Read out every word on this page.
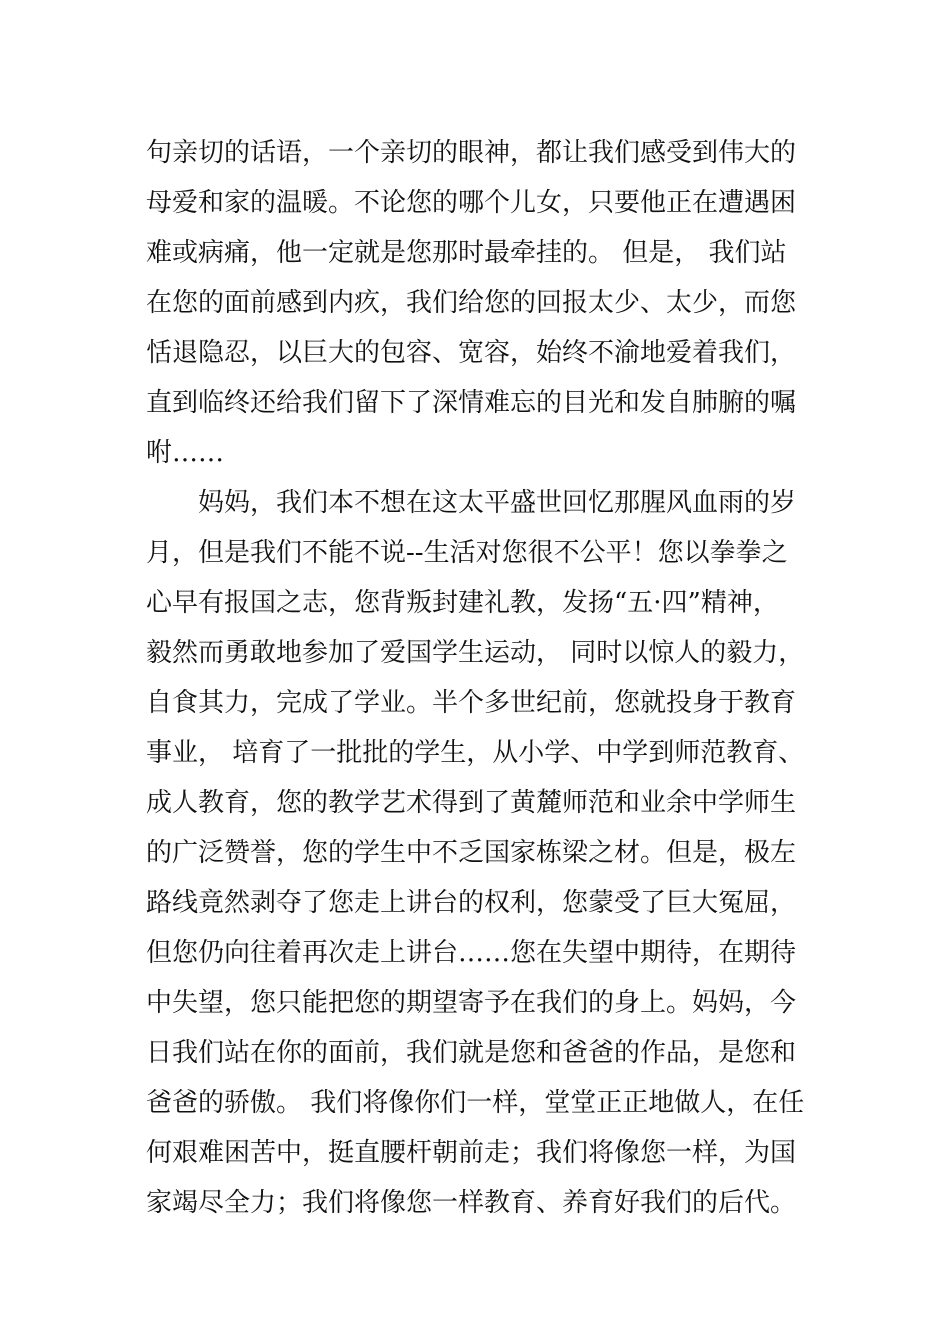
句亲切的话语，一个亲切的眼神，都让我们感受到伟大的
母爱和家的温暖。不论您的哪个儿女，只要他正在遭遇困
难或病痛，他一定就是您那时最牵挂的。 但是， 我们站
在您的面前感到内疚，我们给您的回报太少、太少，而您
恬退隐忍，以巨大的包容、宽容，始终不渝地爱着我们，
直到临终还给我们留下了深情难忘的目光和发自肺腑的嘱
咐……
妈妈，我们本不想在这太平盛世回忆那腥风血雨的岁
月，但是我们不能不说--生活对您很不公平！您以拳拳之
心早有报国之志，您背叛封建礼教，发扬“五·四”精神，
毅然而勇敢地参加了爱国学生运动， 同时以惊人的毅力，
自食其力，完成了学业。半个多世纪前，您就投身于教育
事业， 培育了一批批的学生，从小学、中学到师范教育、
成人教育，您的教学艺术得到了黄麓师范和业余中学师生
的广泛赞誉，您的学生中不乏国家栋梁之材。但是，极左
路线竟然剥夺了您走上讲台的权利，您蒙受了巨大冤屈，
但您仍向往着再次走上讲台……您在失望中期待，在期待
中失望，您只能把您的期望寄予在我们的身上。妈妈，今
日我们站在你的面前，我们就是您和爸爸的作品，是您和
爸爸的骄傲。 我们将像你们一样，堂堂正正地做人，在任
何艰难困苦中，挺直腰杆朝前走；我们将像您一样，为国
家竭尽全力；我们将像您一样教育、养育好我们的后代。
